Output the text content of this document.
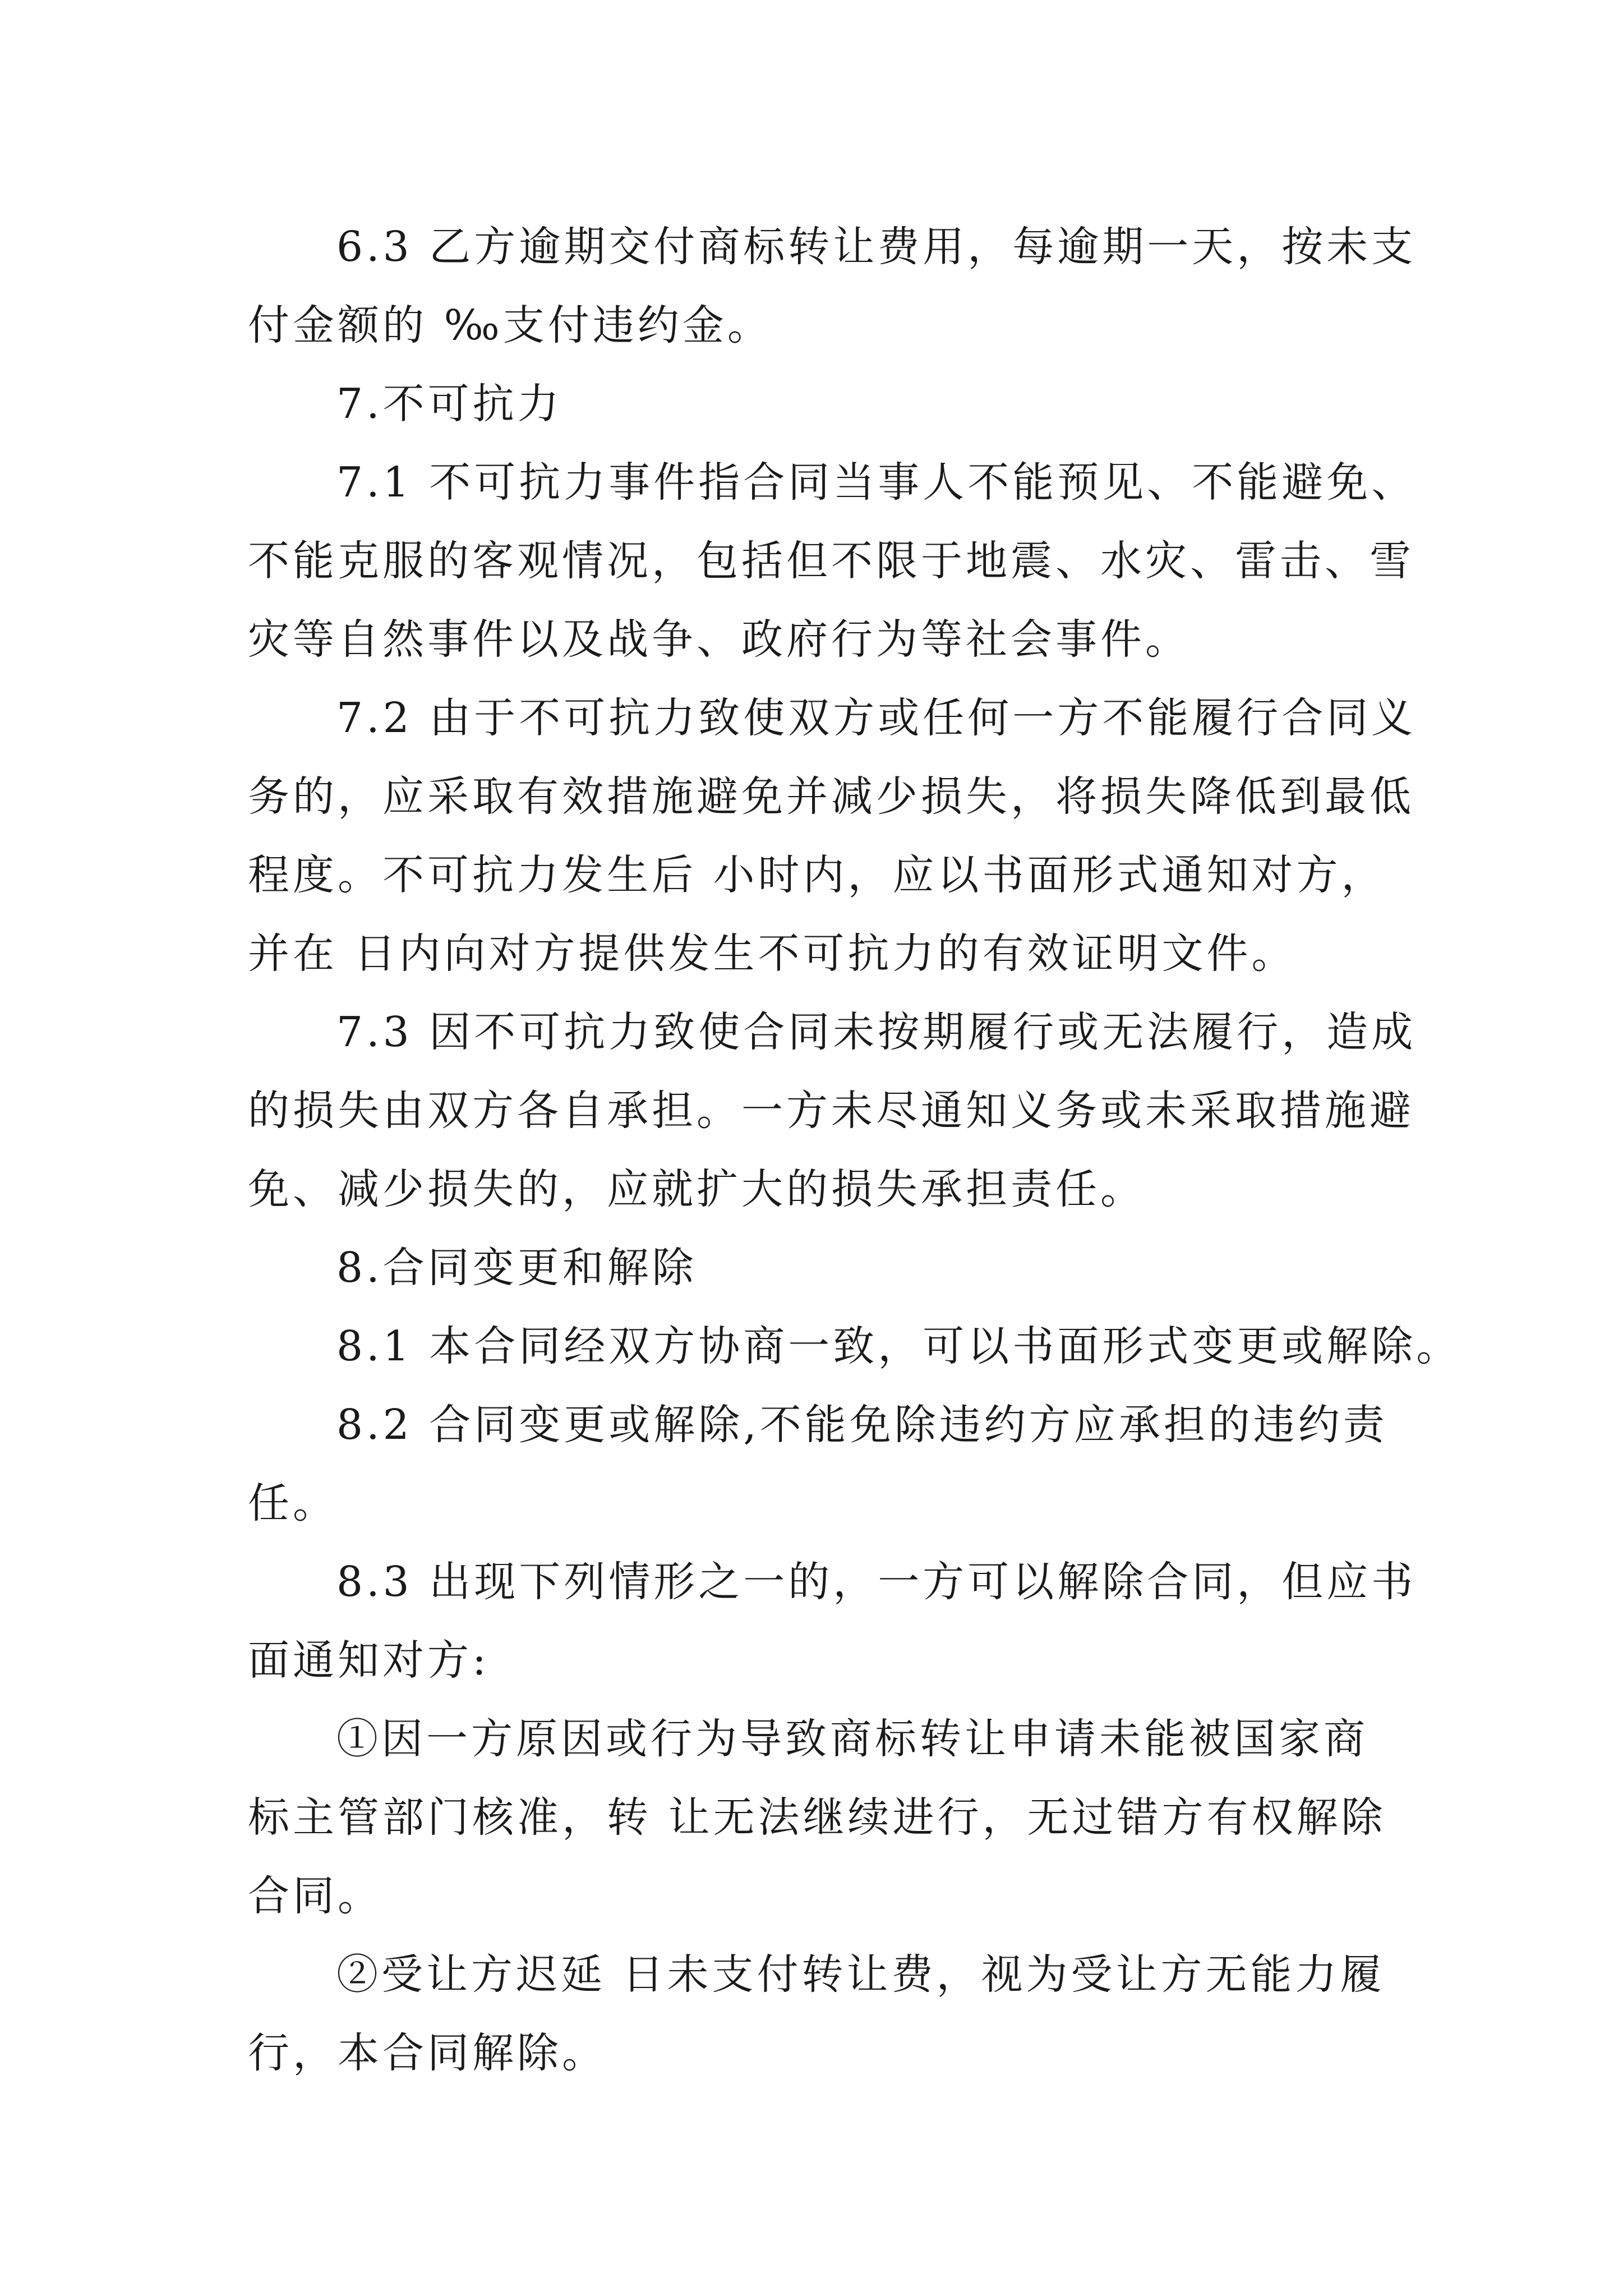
6.3 乙方逾期交付商标转让费用，每逾期一天，按未支
付金额的 ‰支付违约金。
7.不可抗力
7.1 不可抗力事件指合同当事人不能预见、不能避免、
不能克服的客观情况，包括但不限于地震、水灾、雷击、雪
灾等自然事件以及战争、政府行为等社会事件。
7.2 由于不可抗力致使双方或任何一方不能履行合同义
务的，应采取有效措施避免并减少损失，将损失降低到最低
程度。不可抗力发生后 小时内，应以书面形式通知对方，
并在 日内向对方提供发生不可抗力的有效证明文件。
7.3 因不可抗力致使合同未按期履行或无法履行，造成
的损失由双方各自承担。一方未尽通知义务或未采取措施避
免、减少损失的，应就扩大的损失承担责任。
8.合同变更和解除
8.1 本合同经双方协商一致，可以书面形式变更或解除。
8.2 合同变更或解除,不能免除违约方应承担的违约责
任。
8.3 出现下列情形之一的，一方可以解除合同，但应书
面通知对方:
①因一方原因或行为导致商标转让申请未能被国家商
标主管部门核准，转 让无法继续进行，无过错方有权解除
合同。
②受让方迟延 日未支付转让费，视为受让方无能力履
行，本合同解除。
